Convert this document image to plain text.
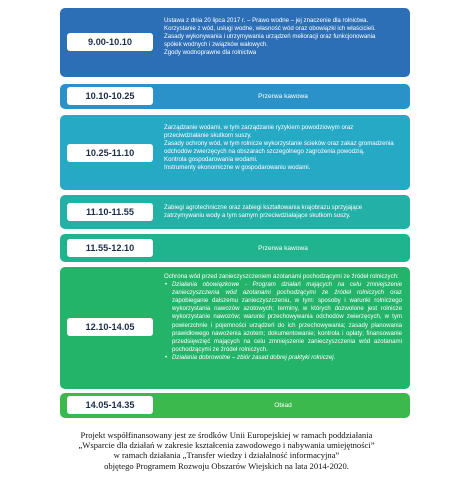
9.00-10.10
Ustawa z dnia 20 lipca 2017 r. – Prawo wodne – jej znaczenie dla rolnictwa.
Korzystanie z wód, usługi wodne, własność wód oraz obowiązki ich właścicieli.
Zasady wykonywania i utrzymywania urządzeń melioracji oraz funkcjonowania
spółek wodnych i związków wałowych.
Zgody wodnoprawne dla rolnictwa
10.10-10.25	Przerwa kawowa
10.25-11.10
Zarządzanie wodami, w tym zarządzanie ryzykiem powodziowym oraz
przeciwdziałanie skutkom suszy.
Zasady ochrony wód, w tym rolnicze wykorzystanie ścieków oraz zakaz gromadzenia
odchodów zwierzęcych na obszarach szczególnego zagrożenia powodzią.
Kontrola gospodarowania wodami.
Instrumenty ekonomiczne w gospodarowaniu wodami.
11.10-11.55	Zabiegi agrotechniczne oraz zabiegi kształtowania krajobrazu sprzyjające
zatrzymywaniu wody a tym samym przeciwdziałające skutkom suszy.
11.55-12.10	Przerwa kawowa
12.10-14.05
Ochrona wód przed zanieczyszczeniem azotanami pochodzącymi ze źródeł rolniczych:
• Działania obowiązkowe - Program działań mających na celu zmniejszenie zanieczyszczenia wód azotanami pochodzącymi ze źródeł rolniczych oraz zapobieganie dalszemu zanieczyszczeniu, w tym: sposoby i warunki rolniczego wykorzystania nawozów azotowych; terminy, w których dozwolone jest rolnicze wykorzystanie nawozów; warunki przechowywania odchodów zwierzęcych, w tym powierzchnie i pojemności urządzeń do ich przechowywania; zasady planowania prawidłowego nawożenia azotem; dokumentowanie; kontrola i opłaty; finansowanie przedsięwzięć mających na celu zmniejszenie zanieczyszczenia wód azotanami pochodzącymi ze źródeł rolniczych.
• Działania dobrowolne – zbiór zasad dobrej praktyki rolniczej.
14.05-14.35	Obiad
Projekt współfinansowany jest ze środków Unii Europejskiej w ramach poddziałania
„Wsparcie dla działań w zakresie kształcenia zawodowego i nabywania umiejętności”
w ramach działania „Transfer wiedzy i działalność informacyjna”
objętego Programem Rozwoju Obszarów Wiejskich na lata 2014-2020.
